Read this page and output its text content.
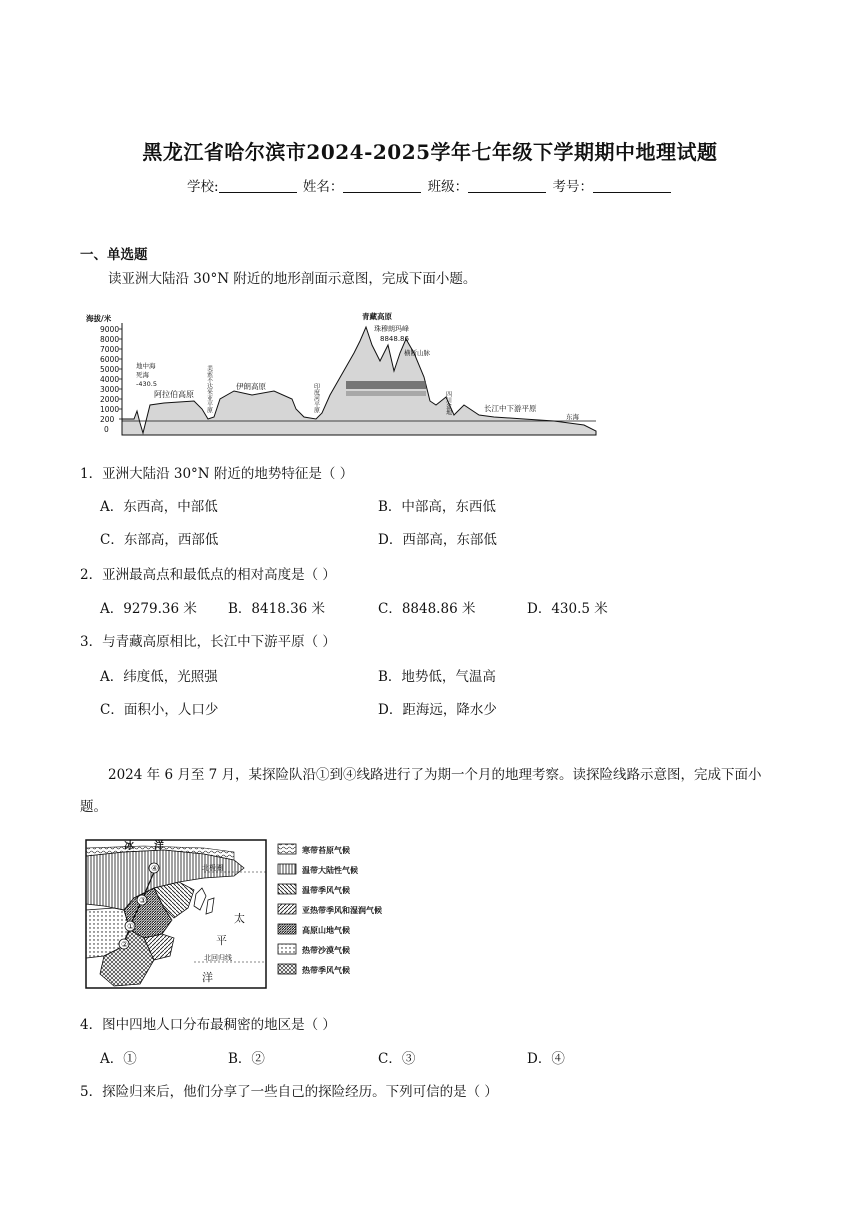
黑龙江省哈尔滨市2024-2025学年七年级下学期期中地理试题
学校:	姓名：	班级：	考号：
一、单选题
读亚洲大陆沿 30°N 附近的地形剖面示意图，完成下面小题。
海拔/米
9000
8000
7000
6000
5000
4000
3000
2000
1000
200
0
地中海死海-430.5
阿拉伯高原 美索不达米亚平原	伊朗高原	印度河平原
青藏高原
珠穆朗玛峰
8848.86
横断山脉
四川盆地	长江中下游平原
东海
1．亚洲大陆沿 30°N 附近的地势特征是（ ）
A．东西高，中部低	B．中部高，东西低
C．东部高，西部低	D．西部高，东部低
2．亚洲最高点和最低点的相对高度是（ ）
A．9279.36 米 B．8418.36 米	C．8848.86 米	D．430.5 米
3．与青藏高原相比，长江中下游平原（ ）
A．纬度低，光照强	B．地势低，气温高
C．面积小，人口少	D．距海远，降水少
2024 年 6 月至 7 月，某探险队沿①到④线路进行了为期一个月的地理考察。读探险线路示意图，完成下面小题。
④
③
②
①
冰　　洋
北极圈
太
平
洋
北回归线
寒带苔原气候
温带大陆性气候
温带季风气候
亚热带季风和湿润气候
高原山地气候
热带沙漠气候
热带季风气候
4．图中四地人口分布最稠密的地区是（ ）
A．①	B．②	C．③	D．④
5．探险归来后，他们分享了一些自己的探险经历。下列可信的是（ ）
